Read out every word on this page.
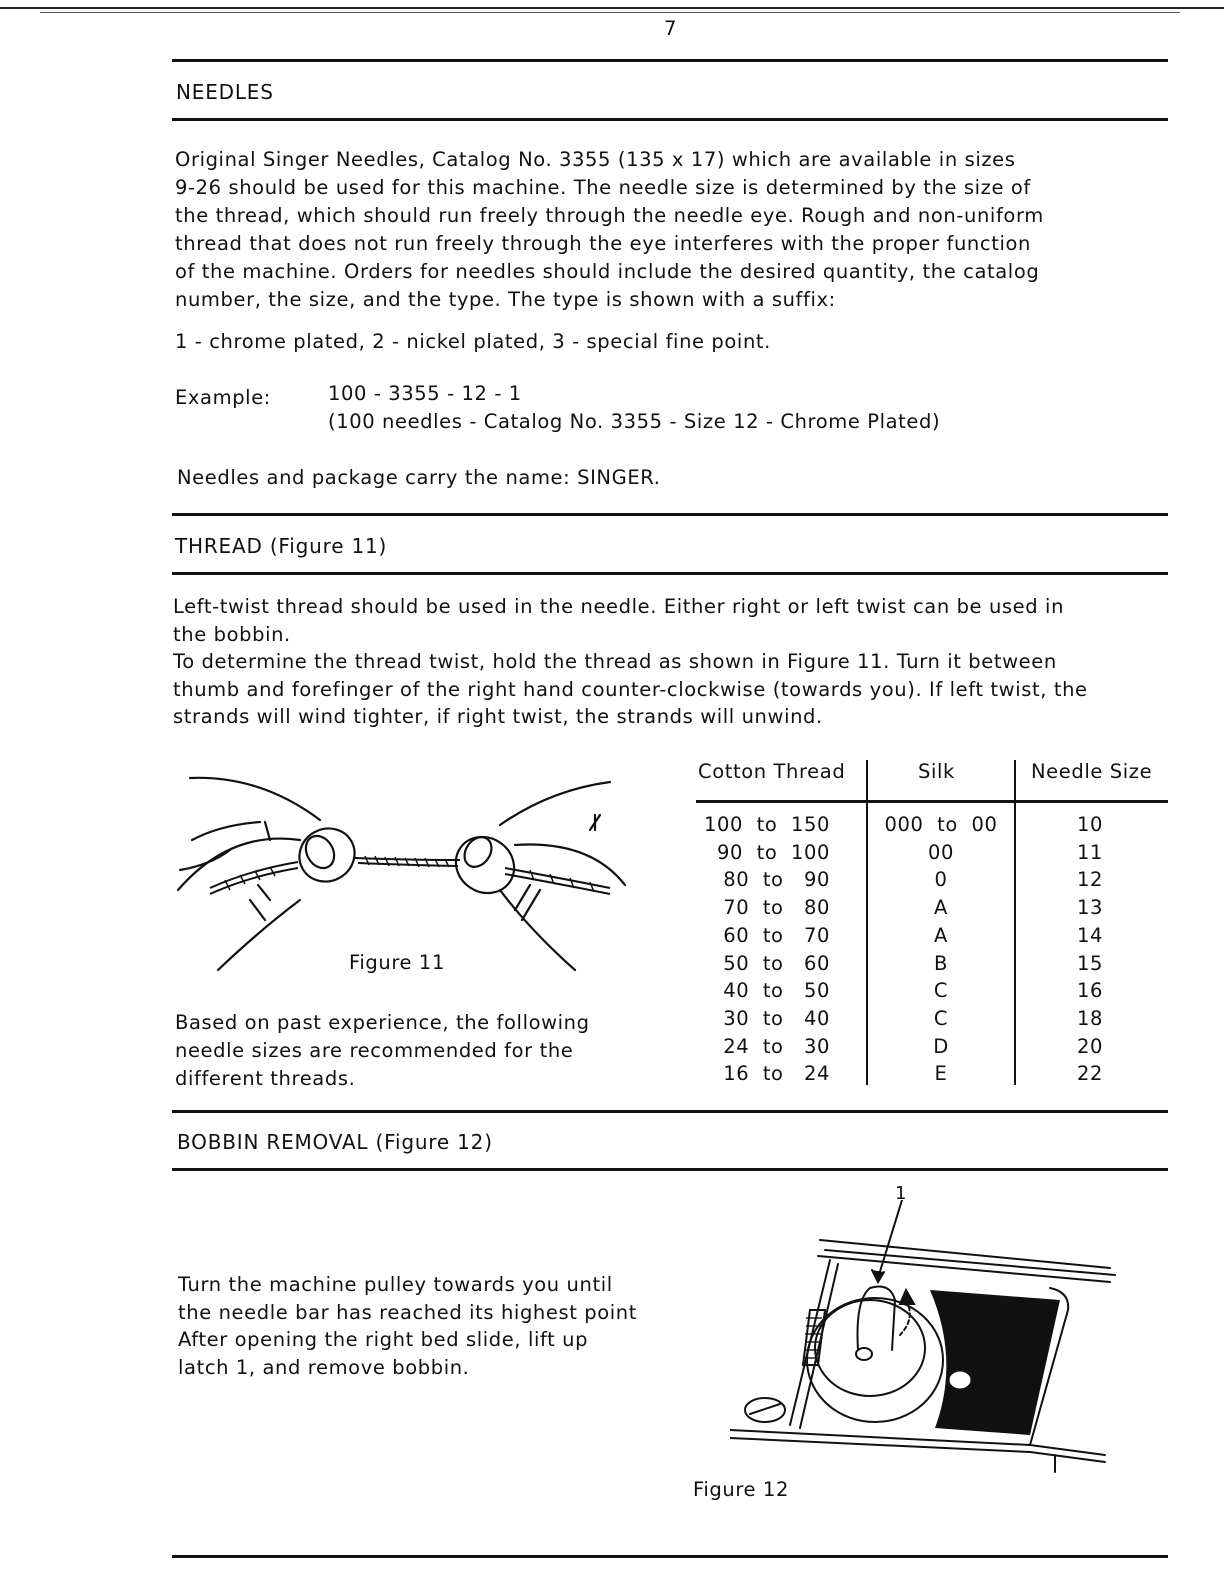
7
NEEDLES
Original Singer Needles, Catalog No. 3355 (135 x 17) which are available in sizes
9-26 should be used for this machine. The needle size is determined by the size of
the thread, which should run freely through the needle eye. Rough and non-uniform
thread that does not run freely through the eye interferes with the proper function
of the machine. Orders for needles should include the desired quantity, the catalog
number, the size, and the type. The type is shown with a suffix:
1 - chrome plated, 2 - nickel plated, 3 - special fine point.
Example:	100 - 3355 - 12 - 1
(100 needles - Catalog No. 3355 - Size 12 - Chrome Plated)
Needles and package carry the name: SINGER.
THREAD (Figure 11)
Left-twist thread should be used in the needle. Either right or left twist can be used in
the bobbin.
To determine the thread twist, hold the thread as shown in Figure 11. Turn it between
thumb and forefinger of the right hand counter-clockwise (towards you). If left twist, the
strands will wind tighter, if right twist, the strands will unwind.
Figure 11
Based on past experience, the following
needle sizes are recommended for the
different threads.
Cotton Thread	Silk	Needle Size
100  to  150	000  to  00	10
90  to  100	00	11
80  to   90	0	12
70  to   80	A	13
60  to   70	A	14
50  to   60	B	15
40  to   50	C	16
30  to   40	C	18
24  to   30	D	20
16  to   24	E	22
BOBBIN REMOVAL (Figure 12)
Turn the machine pulley towards you until
the needle bar has reached its highest point
After opening the right bed slide, lift up
latch 1, and remove bobbin.
1
Figure 12
